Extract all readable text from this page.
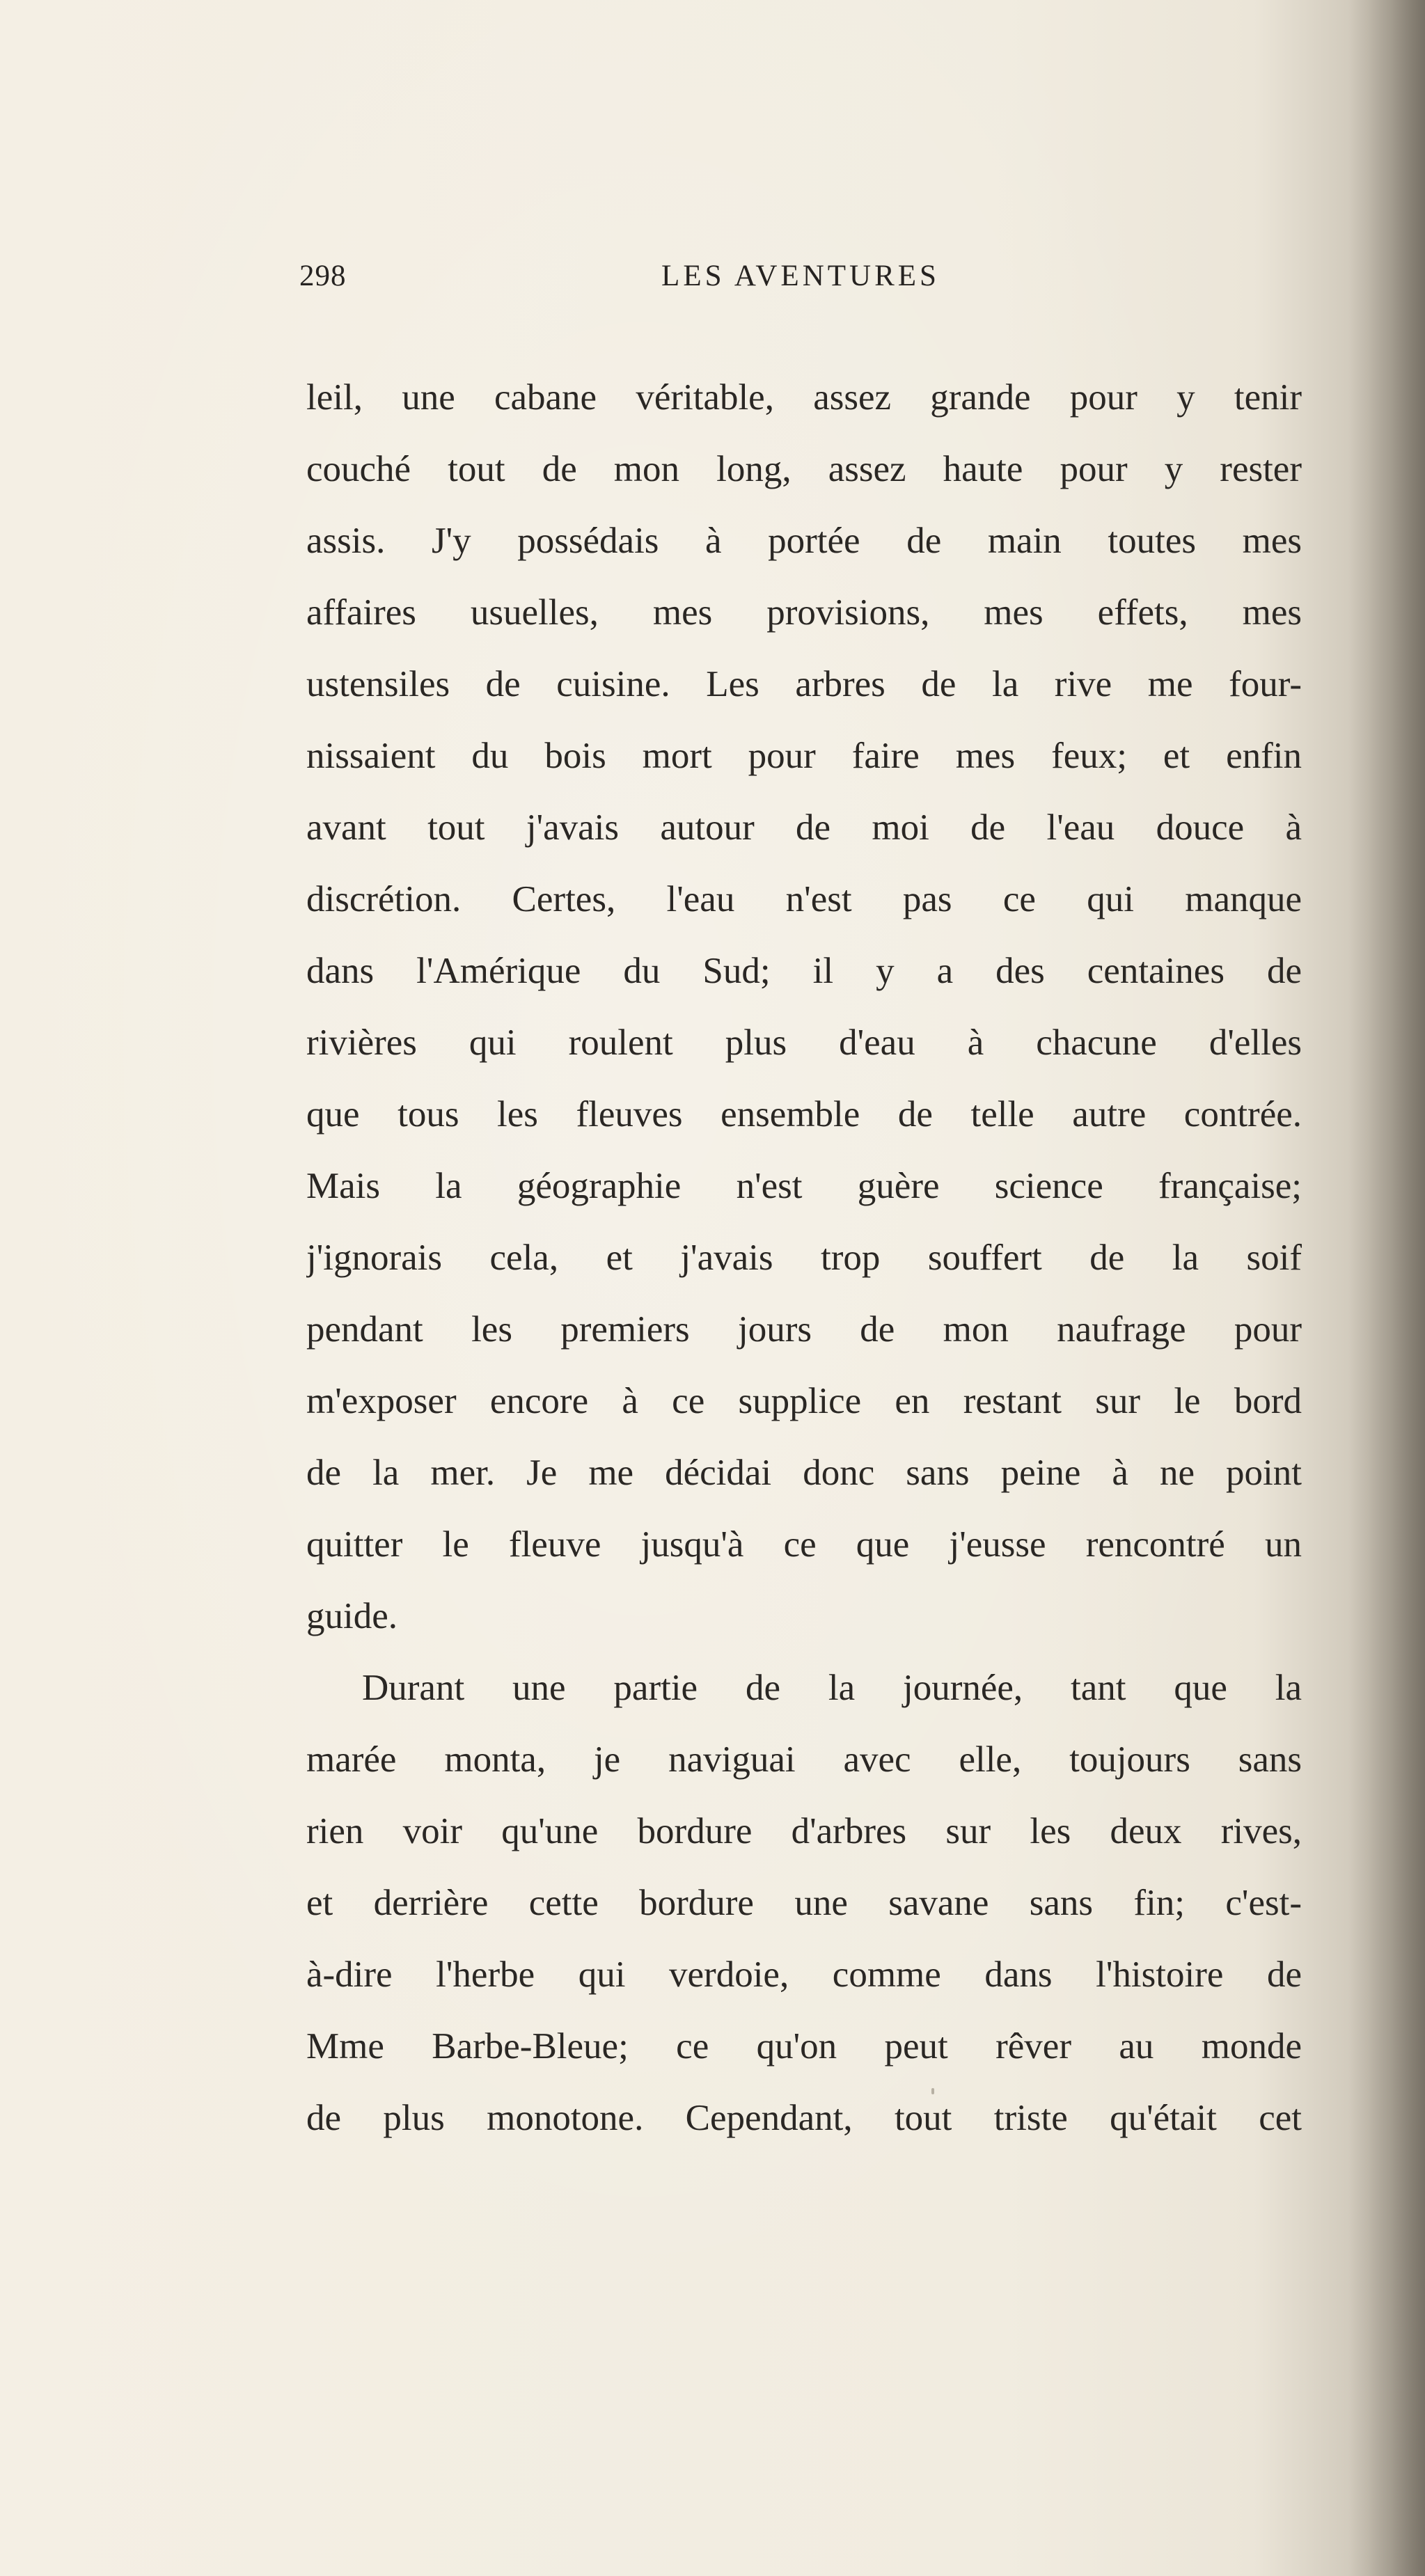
298	LES AVENTURES
leil, une cabane véritable, assez grande pour y tenir
couché tout de mon long, assez haute pour y rester
assis. J'y possédais à portée de main toutes mes
affaires usuelles, mes provisions, mes effets, mes
ustensiles de cuisine. Les arbres de la rive me four-
nissaient du bois mort pour faire mes feux; et enfin
avant tout j'avais autour de moi de l'eau douce à
discrétion. Certes, l'eau n'est pas ce qui manque
dans l'Amérique du Sud; il y a des centaines de
rivières qui roulent plus d'eau à chacune d'elles
que tous les fleuves ensemble de telle autre contrée.
Mais la géographie n'est guère science française;
j'ignorais cela, et j'avais trop souffert de la soif
pendant les premiers jours de mon naufrage pour
m'exposer encore à ce supplice en restant sur le bord
de la mer. Je me décidai donc sans peine à ne point
quitter le fleuve jusqu'à ce que j'eusse rencontré un
guide.
Durant une partie de la journée, tant que la
marée monta, je naviguai avec elle, toujours sans
rien voir qu'une bordure d'arbres sur les deux rives,
et derrière cette bordure une savane sans fin; c'est-
à-dire l'herbe qui verdoie, comme dans l'histoire de
Mme Barbe-Bleue; ce qu'on peut rêver au monde
de plus monotone. Cependant, tout triste qu'était cet
